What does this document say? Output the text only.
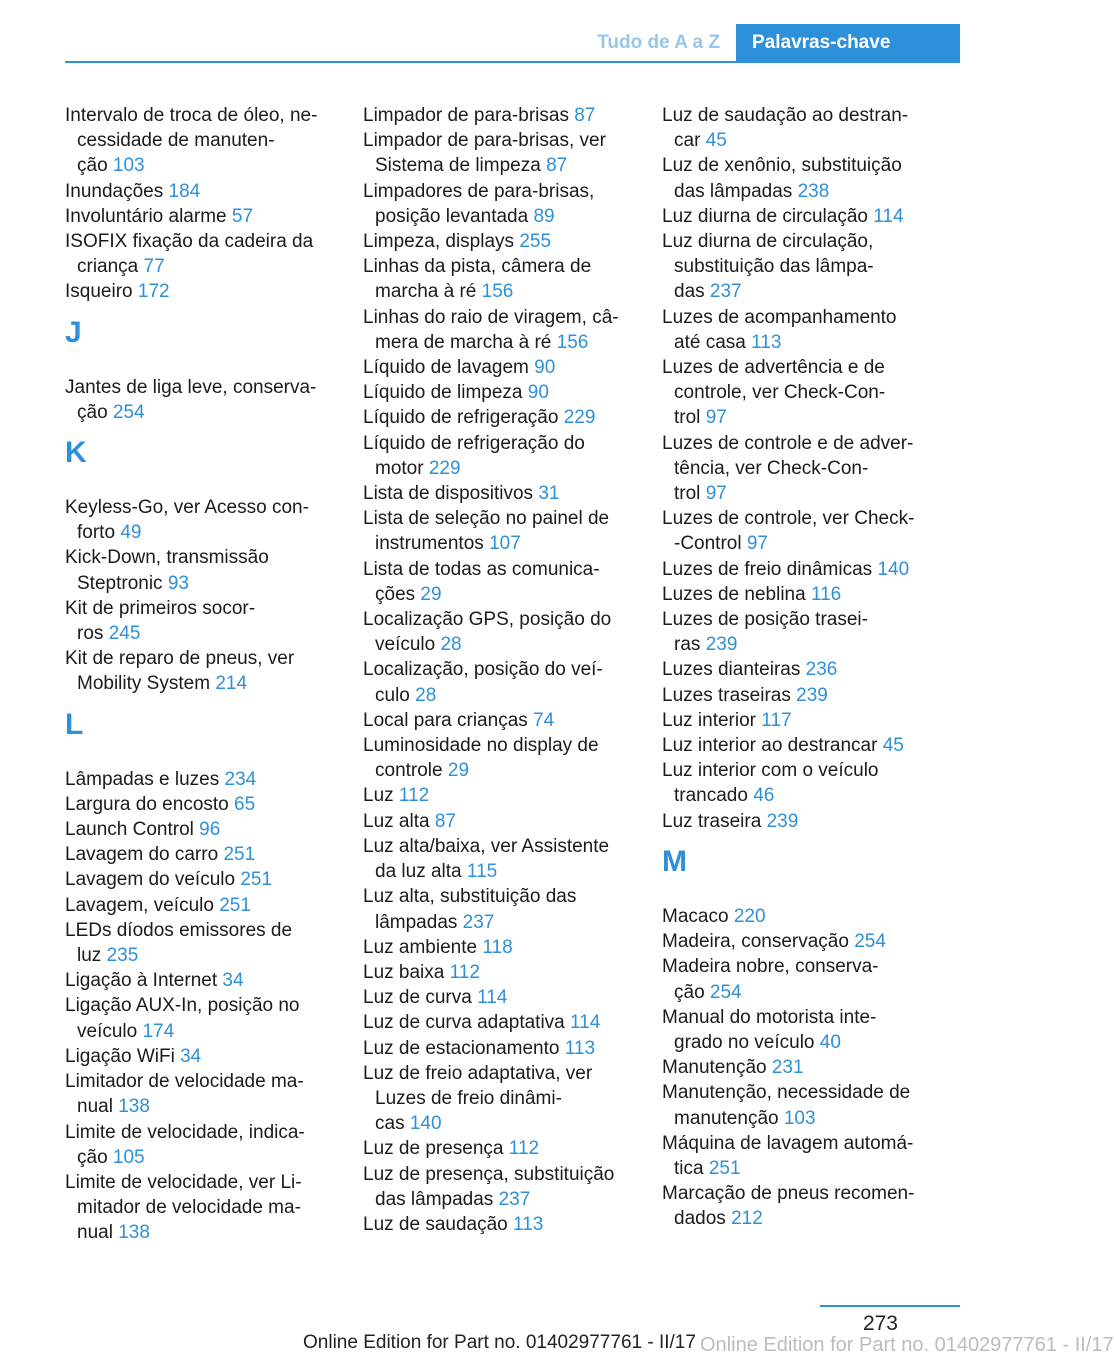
Tudo de A a Z	Palavras-chave
Intervalo de troca de óleo, ne‐
cessidade de manuten‐
ção 103
Inundações 184
Involuntário alarme 57
ISOFIX fixação da cadeira da
criança 77
Isqueiro 172
J
Jantes de liga leve, conserva‐
ção 254
K
Keyless-Go, ver Acesso con‐
forto 49
Kick-Down, transmissão
Steptronic 93
Kit de primeiros socor‐
ros 245
Kit de reparo de pneus, ver
Mobility System 214
L
Lâmpadas e luzes 234
Largura do encosto 65
Launch Control 96
Lavagem do carro 251
Lavagem do veículo 251
Lavagem, veículo 251
LEDs díodos emissores de
luz 235
Ligação à Internet 34
Ligação AUX-In, posição no
veículo 174
Ligação WiFi 34
Limitador de velocidade ma‐
nual 138
Limite de velocidade, indica‐
ção 105
Limite de velocidade, ver Li‐
mitador de velocidade ma‐
nual 138
Limpador de para-brisas 87
Limpador de para-brisas, ver
Sistema de limpeza 87
Limpadores de para-brisas,
posição levantada 89
Limpeza, displays 255
Linhas da pista, câmera de
marcha à ré 156
Linhas do raio de viragem, câ‐
mera de marcha à ré 156
Líquido de lavagem 90
Líquido de limpeza 90
Líquido de refrigeração 229
Líquido de refrigeração do
motor 229
Lista de dispositivos 31
Lista de seleção no painel de
instrumentos 107
Lista de todas as comunica‐
ções 29
Localização GPS, posição do
veículo 28
Localização, posição do veí‐
culo 28
Local para crianças 74
Luminosidade no display de
controle 29
Luz 112
Luz alta 87
Luz alta/baixa, ver Assistente
da luz alta 115
Luz alta, substituição das
lâmpadas 237
Luz ambiente 118
Luz baixa 112
Luz de curva 114
Luz de curva adaptativa 114
Luz de estacionamento 113
Luz de freio adaptativa, ver
Luzes de freio dinâmi‐
cas 140
Luz de presença 112
Luz de presença, substituição
das lâmpadas 237
Luz de saudação 113
Luz de saudação ao destran‐
car 45
Luz de xenônio, substituição
das lâmpadas 238
Luz diurna de circulação 114
Luz diurna de circulação,
substituição das lâmpa‐
das 237
Luzes de acompanhamento
até casa 113
Luzes de advertência e de
controle, ver Check-Con‐
trol 97
Luzes de controle e de adver‐
tência, ver Check-Con‐
trol 97
Luzes de controle, ver Check‐
-Control 97
Luzes de freio dinâmicas 140
Luzes de neblina 116
Luzes de posição trasei‐
ras 239
Luzes dianteiras 236
Luzes traseiras 239
Luz interior 117
Luz interior ao destrancar 45
Luz interior com o veículo
trancado 46
Luz traseira 239
M
Macaco 220
Madeira, conservação 254
Madeira nobre, conserva‐
ção 254
Manual do motorista inte‐
grado no veículo 40
Manutenção 231
Manutenção, necessidade de
manutenção 103
Máquina de lavagem automá‐
tica 251
Marcação de pneus recomen‐
dados 212
273
Online Edition for Part no. 01402977761 - II/17 Online Edition for Part no. 01402977761 - II/17
